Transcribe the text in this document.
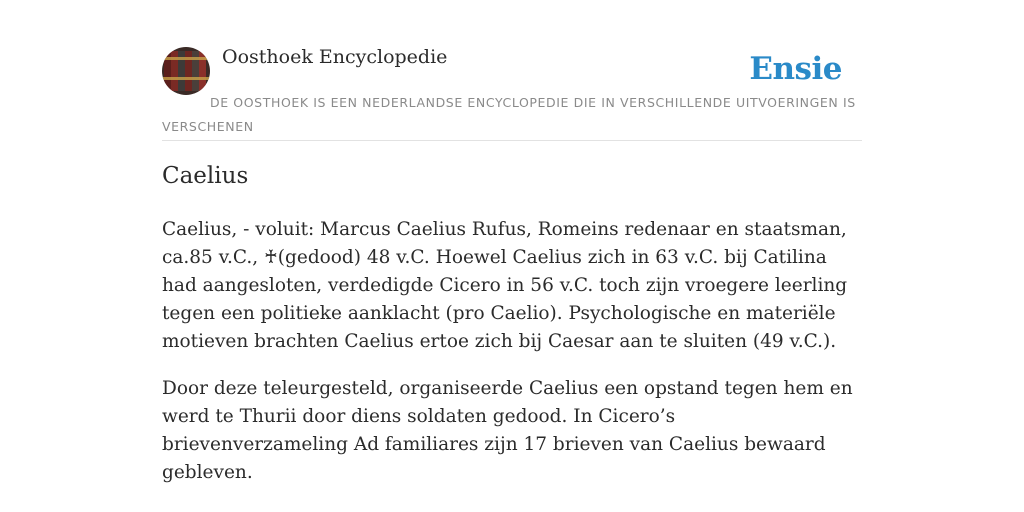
Oosthoek Encyclopedie	Ensie
DE OOSTHOEK IS EEN NEDERLANDSE ENCYCLOPEDIE DIE IN VERSCHILLENDE UITVOERINGEN IS VERSCHENEN
Caelius

Caelius, - voluit: Marcus Caelius Rufus, Romeins redenaar en staatsman, ca.85 v.C., ♰(gedood) 48 v.C. Hoewel Caelius zich in 63 v.C. bij Catilina had aangesloten, verdedigde Cicero in 56 v.C. toch zijn vroegere leerling tegen een politieke aanklacht (pro Caelio). Psychologische en materiële motieven brachten Caelius ertoe zich bij Caesar aan te sluiten (49 v.C.).

Door deze teleurgesteld, organiseerde Caelius een opstand tegen hem en werd te Thurii door diens soldaten gedood. In Cicero’s brievenverzameling Ad familiares zijn 17 brieven van Caelius bewaard gebleven.
